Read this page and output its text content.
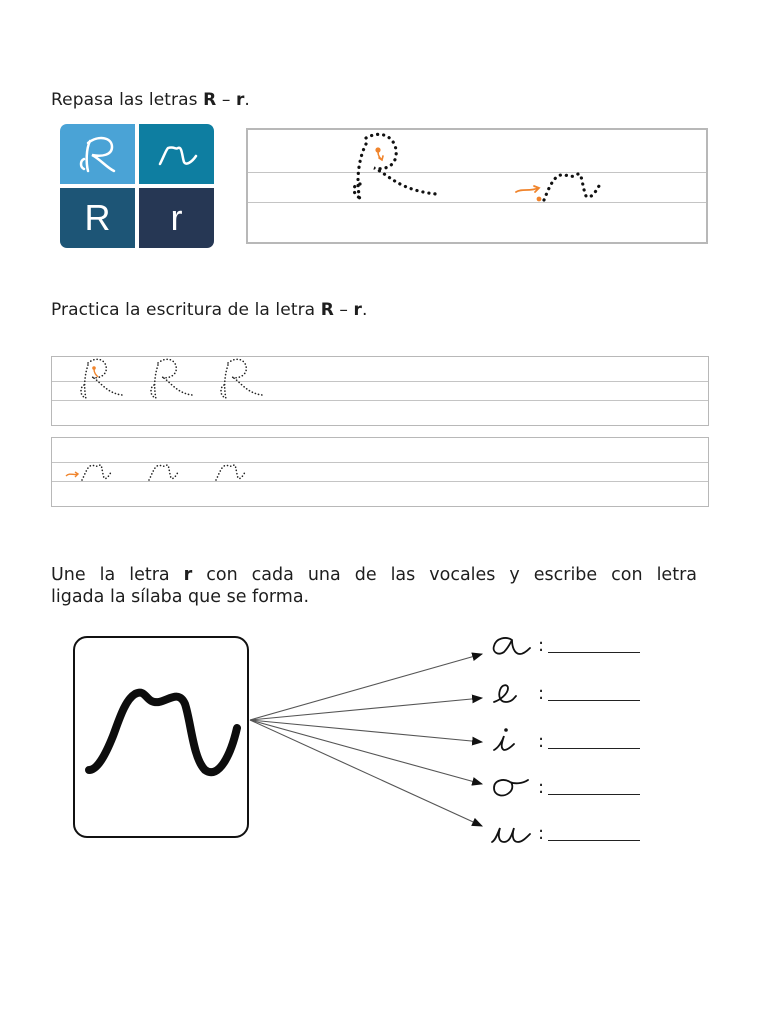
Repasa las letras R – r.
R r
Practica la escritura de la letra R – r.
Une la letra r con cada una de las vocales y escribe con letra
ligada la sílaba que se forma.
:
:
:
:
:
